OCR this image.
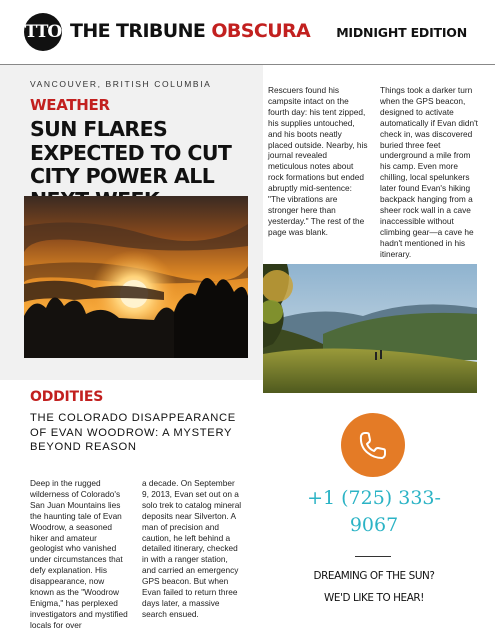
TTO THE TRIBUNE OBSCURA MIDNIGHT EDITION
VANCOUVER, BRITISH COLUMBIA
WEATHER
SUN FLARES EXPECTED TO CUT CITY POWER ALL
Rescuers found his campsite intact on the fourth day: his tent zipped, his supplies untouched, and his boots neatly placed outside. Nearby, his journal revealed meticulous notes about rock formations but ended abruptly mid-sentence: "The vibrations are stronger here than yesterday." The rest of the page was blank.
Things took a darker turn when the GPS beacon, designed to activate automatically if Evan didn't check in, was discovered buried three feet underground a mile from his camp. Even more chilling, local spelunkers later found Evan's hiking backpack hanging from a sheer rock wall in a cave inaccessible without climbing gear—a cave he hadn't mentioned in his itinerary.
ODDITIES
THE COLORADO DISAPPEARANCE OF EVAN WOODROW: A MYSTERY BEYOND REASON
Deep in the rugged wilderness of Colorado's San Juan Mountains lies the haunting tale of Evan Woodrow, a seasoned hiker and amateur geologist who vanished under circumstances that defy explanation. His disappearance, now known as the "Woodrow Enigma," has perplexed investigators and mystified locals for over
a decade. On September 9, 2013, Evan set out on a solo trek to catalog mineral deposits near Silverton. A man of precision and caution, he left behind a detailed itinerary, checked in with a ranger station, and carried an emergency GPS beacon. But when Evan failed to return three days later, a massive search ensued.
+1 (725) 333-9067
DREAMING OF THE SUN?
WE'D LIKE TO HEAR!
